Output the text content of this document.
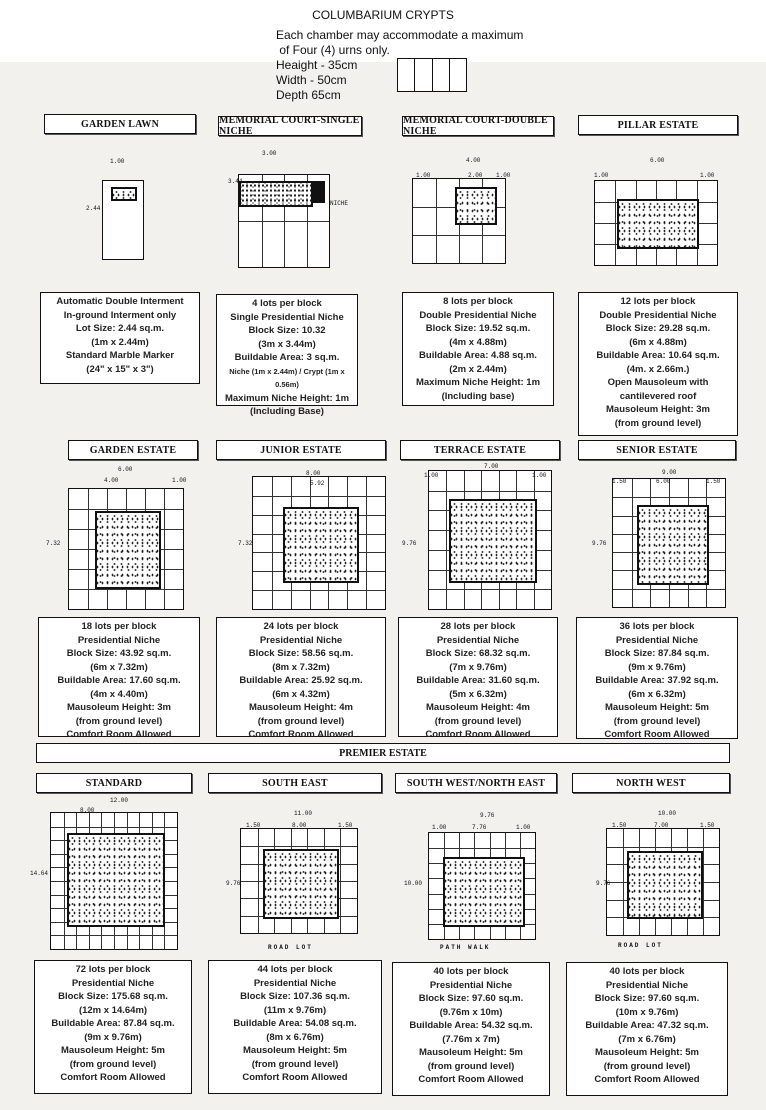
COLUMBARIUM CRYPTS
Each chamber may accommodate a maximum
of Four (4) urns only.
Heaight - 35cm
Width - 50cm
Depth 65cm
PREMIER ESTATE
GARDEN LAWN
1.00
2.44
Automatic Double Interment
In-ground Interment only
Lot Size: 2.44 sq.m.
(1m x 2.44m)
Standard Marble Marker
(24" x 15" x 3")
MEMORIAL COURT-SINGLE NICHE
3.00
NICHE
3.44
4 lots per block
Single Presidential Niche
Block Size: 10.32
(3m x 3.44m)
Buildable Area: 3 sq.m.
Niche (1m x 2.44m) / Crypt (1m x 0.56m)
Maximum Niche Height: 1m
(Including Base)
MEMORIAL COURT-DOUBLE NICHE
4.00
1.00	2.00 1.00
8 lots per block
Double Presidential Niche
Block Size: 19.52 sq.m.
(4m x 4.88m)
Buildable Area: 4.88 sq.m.
(2m x 2.44m)
Maximum Niche Height: 1m
(Including base)
PILLAR ESTATE
6.00
1.00	1.00
12 lots per block
Double Presidential Niche
Block Size: 29.28 sq.m.
(6m x 4.88m)
Buildable Area: 10.64 sq.m.
(4m. x 2.66m.)
Open Mausoleum with
cantilevered roof
Mausoleum Height: 3m
(from ground level)
GARDEN ESTATE
6.00
4.00	1.00
7.32
18 lots per block
Presidential Niche
Block Size: 43.92 sq.m.
(6m x 7.32m)
Buildable Area: 17.60 sq.m.
(4m x 4.40m)
Mausoleum Height: 3m
(from ground level)
Comfort Room Allowed
JUNIOR ESTATE
8.00
5.92
7.32
24 lots per block
Presidential Niche
Block Size: 58.56 sq.m.
(8m x 7.32m)
Buildable Area: 25.92 sq.m.
(6m x 4.32m)
Mausoleum Height: 4m
(from ground level)
Comfort Room Allowed
TERRACE ESTATE
7.00
1.00	1.00
9.76
28 lots per block
Presidential Niche
Block Size: 68.32 sq.m.
(7m x 9.76m)
Buildable Area: 31.60 sq.m.
(5m x 6.32m)
Mausoleum Height: 4m
(from ground level)
Comfort Room Allowed
SENIOR ESTATE
9.00
1.50	6.00	1.50
9.76
36 lots per block
Presidential Niche
Block Size: 87.84 sq.m.
(9m x 9.76m)
Buildable Area: 37.92 sq.m.
(6m x 6.32m)
Mausoleum Height: 5m
(from ground level)
Comfort Room Allowed
STANDARD
12.00
8.00
14.64
72 lots per block
Presidential Niche
Block Size: 175.68 sq.m.
(12m x 14.64m)
Buildable Area: 87.84 sq.m.
(9m x 9.76m)
Mausoleum Height: 5m
(from ground level)
Comfort Room Allowed
SOUTH EAST
11.00
1.50	8.00	1.50
9.76
ROAD LOT
44 lots per block
Presidential Niche
Block Size: 107.36 sq.m.
(11m x 9.76m)
Buildable Area: 54.08 sq.m.
(8m x 6.76m)
Mausoleum Height: 5m
(from ground level)
Comfort Room Allowed
SOUTH WEST/NORTH EAST
9.76
1.00	7.76	1.00
10.00
PATH WALK
40 lots per block
Presidential Niche
Block Size: 97.60 sq.m.
(9.76m x 10m)
Buildable Area: 54.32 sq.m.
(7.76m x 7m)
Mausoleum Height: 5m
(from ground level)
Comfort Room Allowed
NORTH WEST
10.00
1.50	7.00	1.50
9.76
ROAD LOT
40 lots per block
Presidential Niche
Block Size: 97.60 sq.m.
(10m x 9.76m)
Buildable Area: 47.32 sq.m.
(7m x 6.76m)
Mausoleum Height: 5m
(from ground level)
Comfort Room Allowed
